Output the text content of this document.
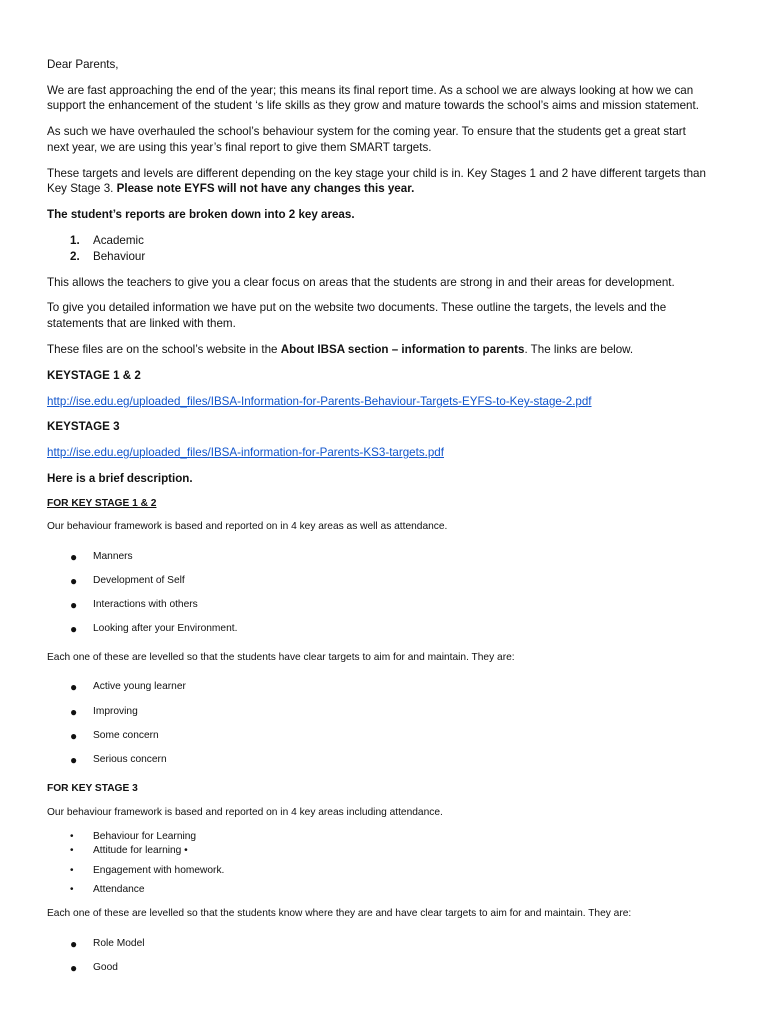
Dear Parents,

We are fast approaching the end of the year; this means its final report time. As a school we are always looking at how we can

support the enhancement of the student ‘s life skills as they grow and mature towards the school’s aims and mission statement.

As such we have overhauled the school’s behaviour system for the coming year. To ensure that the students get a great start

next year, we are using this year’s final report to give them SMART targets.

These targets and levels are different depending on the key stage your child is in. Key Stages 1 and 2 have different targets than

Key Stage 3. Please note EYFS will not have any changes this year.

The student’s reports are broken down into 2 key areas.

1. Academic

2. Behaviour

This allows the teachers to give you a clear focus on areas that the students are strong in and their areas for development.

To give you detailed information we have put on the website two documents. These outline the targets, the levels and the

statements that are linked with them.

These files are on the school’s website in the About IBSA section – information to parents. The links are below.

KEYSTAGE 1 & 2

http://ise.edu.eg/uploaded_files/IBSA-Information-for-Parents-Behaviour-Targets-EYFS-to-Key-stage-2.pdf

KEYSTAGE 3

http://ise.edu.eg/uploaded_files/IBSA-information-for-Parents-KS3-targets.pdf

Here is a brief description.

FOR KEY STAGE 1 & 2

Our behaviour framework is based and reported on in 4 key areas as well as attendance.

● Manners

● Development of Self

● Interactions with others

● Looking after your Environment.

Each one of these are levelled so that the students have clear targets to aim for and maintain. They are:

● Active young learner

● Improving

● Some concern

● Serious concern

FOR KEY STAGE 3

Our behaviour framework is based and reported on in 4 key areas including attendance.

• Behaviour for Learning

• Attitude for learning •

• Engagement with homework.

• Attendance

Each one of these are levelled so that the students know where they are and have clear targets to aim for and maintain. They are:

● Role Model

● Good
